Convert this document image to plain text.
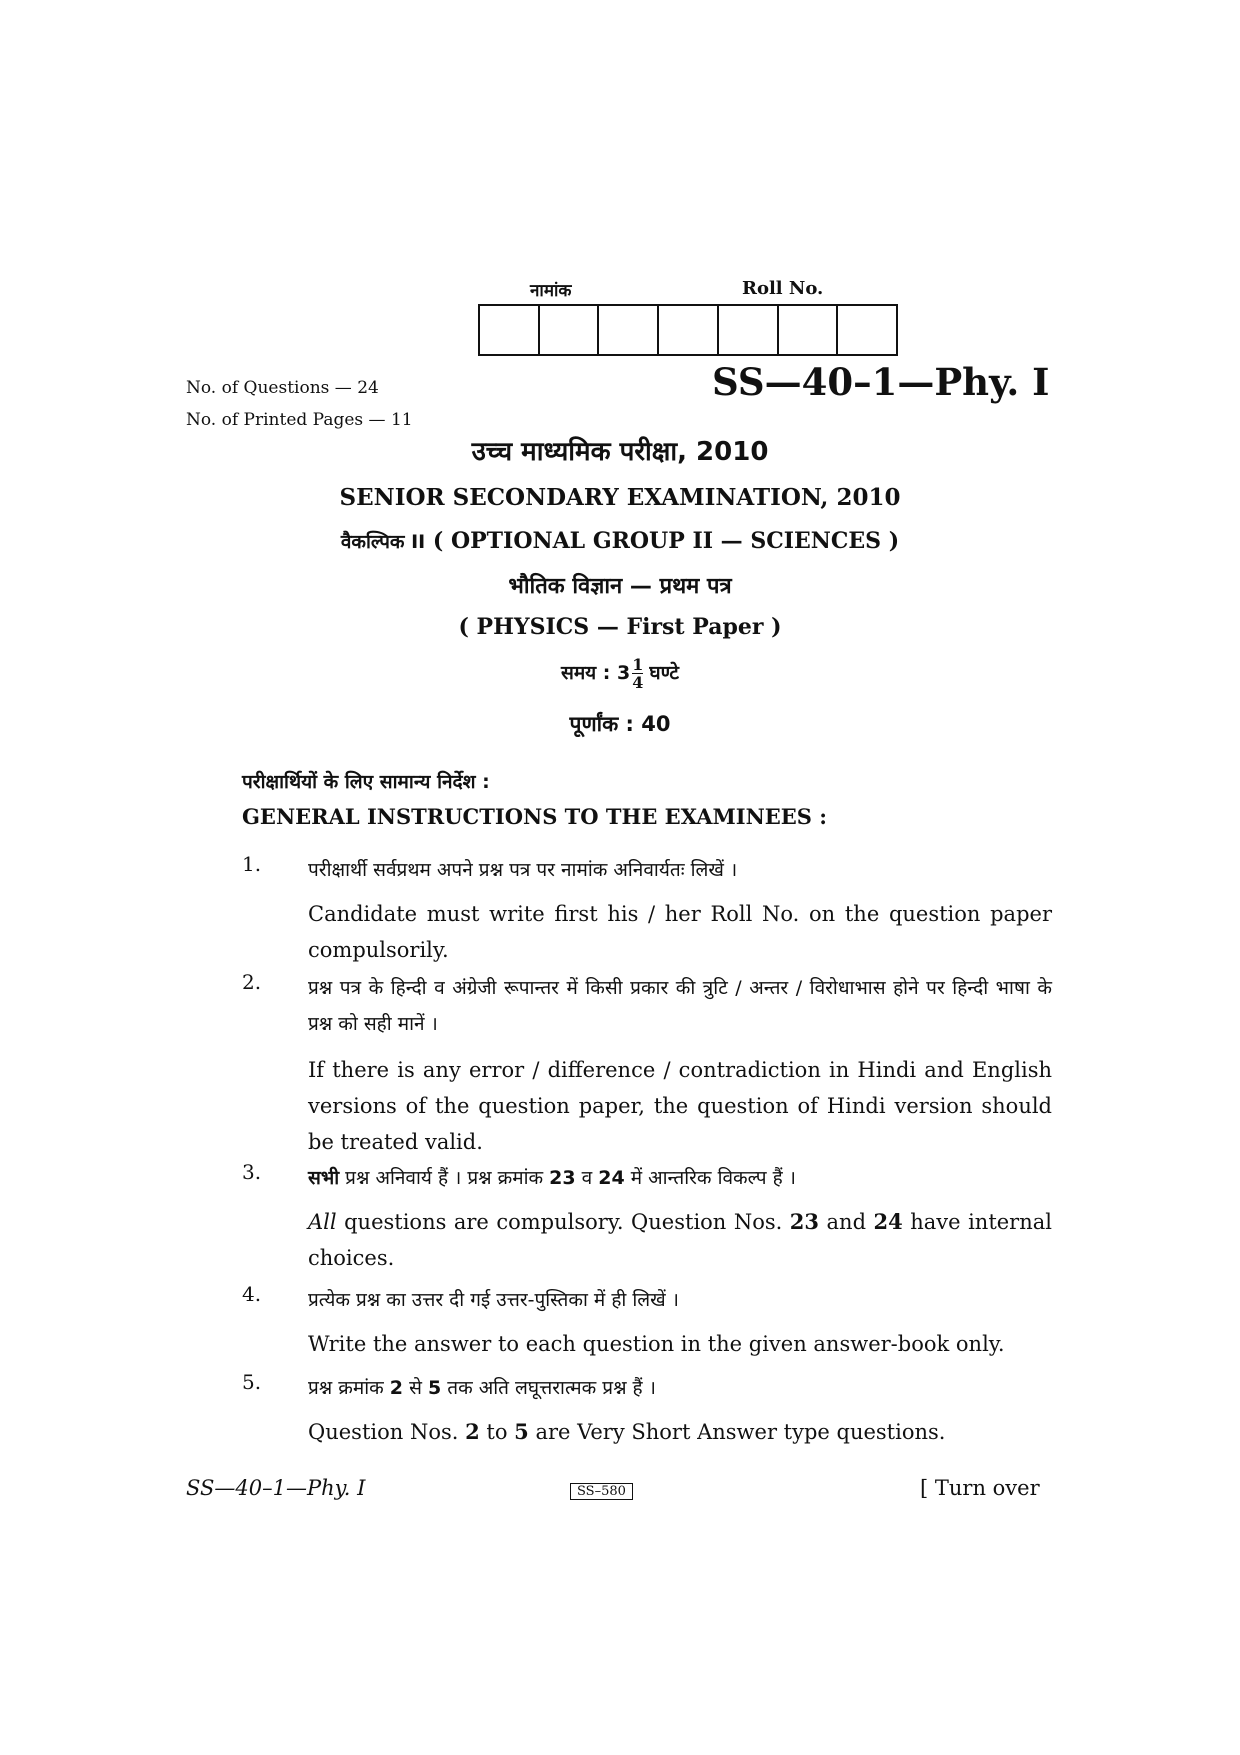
नामांक	Roll No.
No. of Questions — 24
No. of Printed Pages — 11
SS—40–1—Phy. I
उच्च माध्यमिक परीक्षा, 2010
SENIOR SECONDARY EXAMINATION, 2010
वैकल्पिक II ( OPTIONAL GROUP II — SCIENCES )
भौतिक विज्ञान — प्रथम पत्र
( PHYSICS — First Paper )
समय : $3 \frac{1}{4}$ घण्टे
पूर्णांक : 40
परीक्षार्थियों के लिए सामान्य निर्देश :
GENERAL INSTRUCTIONS TO THE EXAMINEES :
1.	परीक्षार्थी सर्वप्रथम अपने प्रश्न पत्र पर नामांक अनिवार्यतः लिखें ।
Candidate must write first his / her Roll No. on the question paper compulsorily.
2.	प्रश्न पत्र के हिन्दी व अंग्रेजी रूपान्तर में किसी प्रकार की त्रुटि / अन्तर / विरोधाभास होने पर हिन्दी भाषा के प्रश्न को सही मानें ।
If there is any error / difference / contradiction in Hindi and English versions of the question paper, the question of Hindi version should be treated valid.
3.	सभी प्रश्न अनिवार्य हैं । प्रश्न क्रमांक 23 व 24 में आन्तरिक विकल्प हैं ।
All questions are compulsory. Question Nos. 23 and 24 have internal choices.
4.	प्रत्येक प्रश्न का उत्तर दी गई उत्तर-पुस्तिका में ही लिखें ।
Write the answer to each question in the given answer-book only.
5.	प्रश्न क्रमांक 2 से 5 तक अति लघूत्तरात्मक प्रश्न हैं ।
Question Nos. 2 to 5 are Very Short Answer type questions.
SS—40–1—Phy. I	SS–580	[ Turn over
